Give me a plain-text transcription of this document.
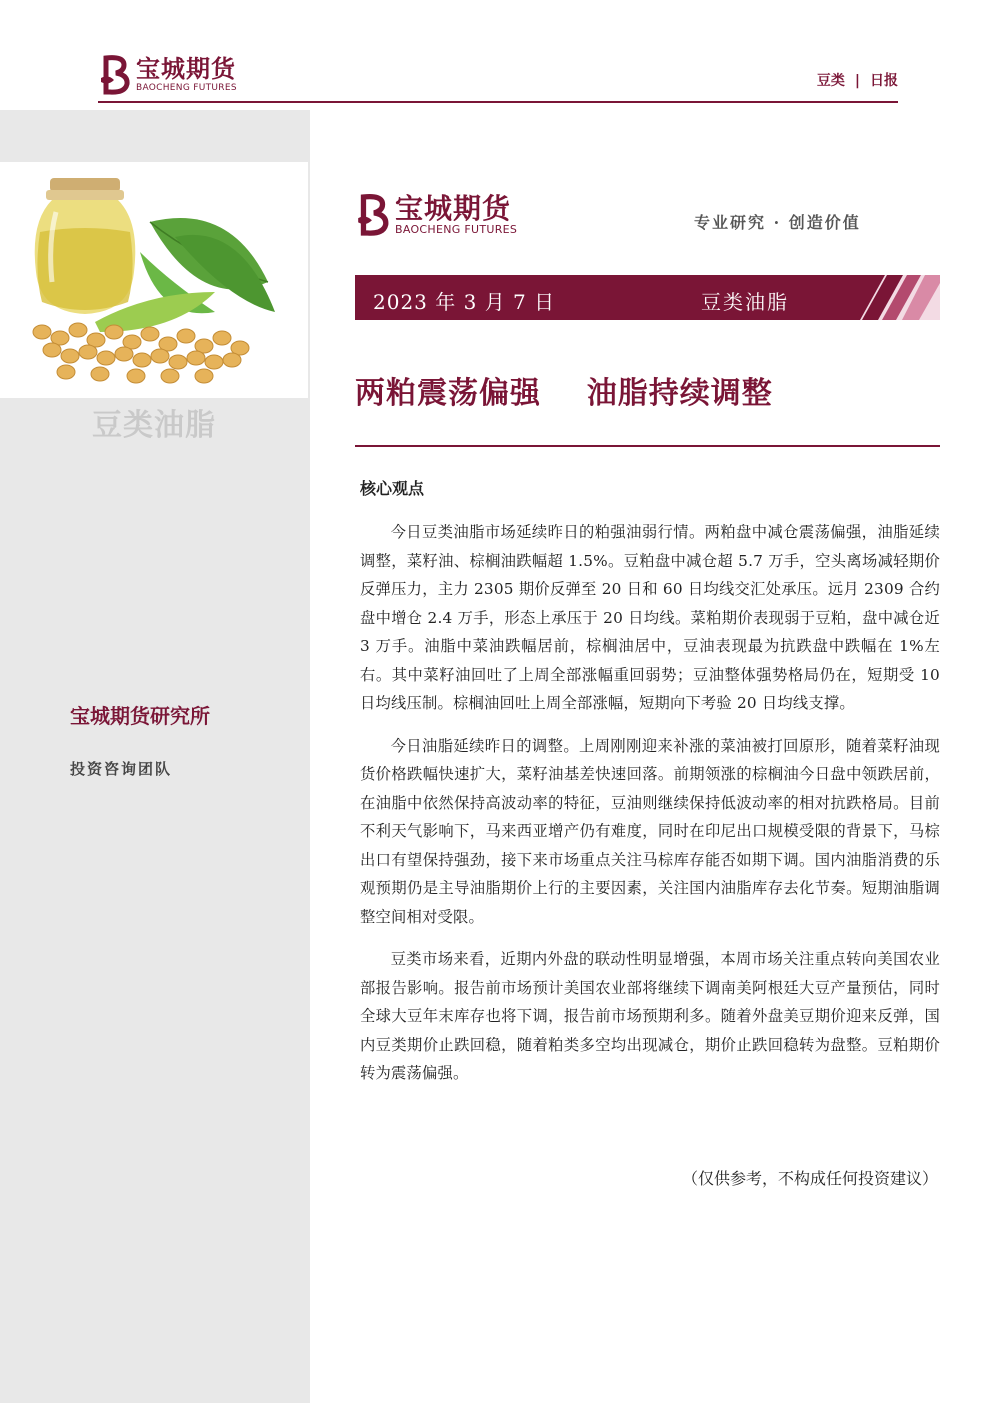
宝城期货
BAOCHENG FUTURES	豆类 | 日报
豆类油脂
宝城期货研究所
投资咨询团队
宝城期货
BAOCHENG FUTURES	专业研究 · 创造价值
2023 年 3 月 7 日	豆类油脂
两粕震荡偏强    油脂持续调整
核心观点

今日豆类油脂市场延续昨日的粕强油弱行情。两粕盘中减仓震荡偏强，油脂延续调整，菜籽油、棕榈油跌幅超 1.5%。豆粕盘中减仓超 5.7 万手，空头离场减轻期价反弹压力，主力 2305 期价反弹至 20 日和 60 日均线交汇处承压。远月 2309 合约盘中增仓 2.4 万手，形态上承压于 20 日均线。菜粕期价表现弱于豆粕，盘中减仓近 3 万手。油脂中菜油跌幅居前，棕榈油居中，豆油表现最为抗跌盘中跌幅在 1%左右。其中菜籽油回吐了上周全部涨幅重回弱势；豆油整体强势格局仍在，短期受 10 日均线压制。棕榈油回吐上周全部涨幅，短期向下考验 20 日均线支撑。

今日油脂延续昨日的调整。上周刚刚迎来补涨的菜油被打回原形，随着菜籽油现货价格跌幅快速扩大，菜籽油基差快速回落。前期领涨的棕榈油今日盘中领跌居前，在油脂中依然保持高波动率的特征，豆油则继续保持低波动率的相对抗跌格局。目前不利天气影响下，马来西亚增产仍有难度，同时在印尼出口规模受限的背景下，马棕出口有望保持强劲，接下来市场重点关注马棕库存能否如期下调。国内油脂消费的乐观预期仍是主导油脂期价上行的主要因素，关注国内油脂库存去化节奏。短期油脂调整空间相对受限。

豆类市场来看，近期内外盘的联动性明显增强，本周市场关注重点转向美国农业部报告影响。报告前市场预计美国农业部将继续下调南美阿根廷大豆产量预估，同时全球大豆年末库存也将下调，报告前市场预期利多。随着外盘美豆期价迎来反弹，国内豆类期价止跌回稳，随着粕类多空均出现减仓，期价止跌回稳转为盘整。豆粕期价转为震荡偏强。

（仅供参考，不构成任何投资建议）
